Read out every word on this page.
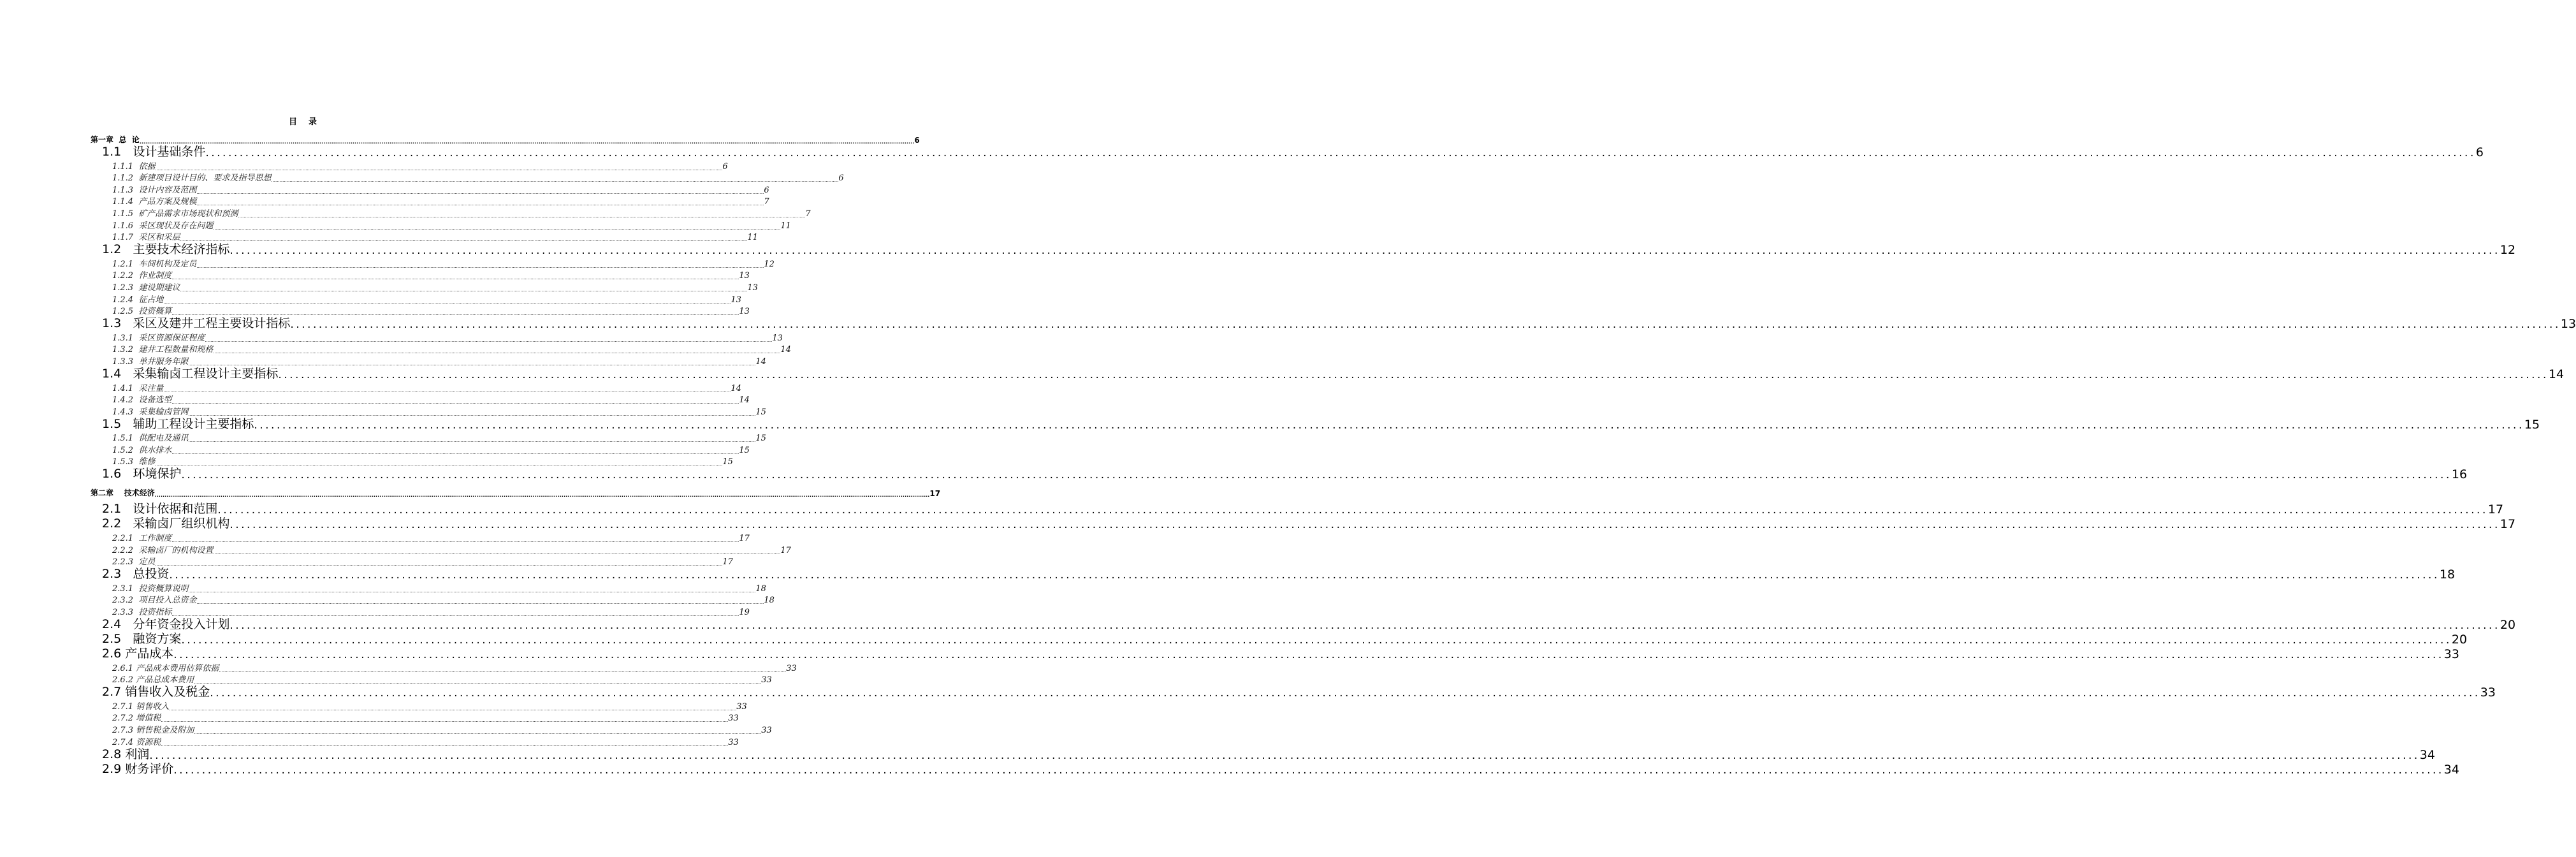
目    录
第一章  总  论 ................................................................................................................................................................................................................................................................................................................................................................................................................ 6
1.1   设计基础条件 ................................................................................................................................................................................................................................................................................................................................................................................................................ 6
1.1.1  依据 ................................................................................................................................................................................................................................................................................................................................................................................................................ 6
1.1.2  新建项目设计目的、要求及指导思想 ................................................................................................................................................................................................................................................................................................................................................................................................................ 6
1.1.3  设计内容及范围 ................................................................................................................................................................................................................................................................................................................................................................................................................ 6
1.1.4  产品方案及规模 ................................................................................................................................................................................................................................................................................................................................................................................................................ 7
1.1.5  矿产品需求市场现状和预测 ................................................................................................................................................................................................................................................................................................................................................................................................................ 7
1.1.6  采区现状及存在问题 ................................................................................................................................................................................................................................................................................................................................................................................................................ 11
1.1.7  采区和采层 ................................................................................................................................................................................................................................................................................................................................................................................................................ 11
1.2   主要技术经济指标 ................................................................................................................................................................................................................................................................................................................................................................................................................ 12
1.2.1  车间机构及定员 ................................................................................................................................................................................................................................................................................................................................................................................................................ 12
1.2.2  作业制度 ................................................................................................................................................................................................................................................................................................................................................................................................................ 13
1.2.3  建设期建议 ................................................................................................................................................................................................................................................................................................................................................................................................................ 13
1.2.4  征占地 ................................................................................................................................................................................................................................................................................................................................................................................................................ 13
1.2.5  投资概算 ................................................................................................................................................................................................................................................................................................................................................................................................................ 13
1.3   采区及建井工程主要设计指标 ................................................................................................................................................................................................................................................................................................................................................................................................................ 13
1.3.1  采区资源保证程度 ................................................................................................................................................................................................................................................................................................................................................................................................................ 13
1.3.2  建井工程数量和规格 ................................................................................................................................................................................................................................................................................................................................................................................................................ 14
1.3.3  单井服务年限 ................................................................................................................................................................................................................................................................................................................................................................................................................ 14
1.4   采集输卤工程设计主要指标 ................................................................................................................................................................................................................................................................................................................................................................................................................ 14
1.4.1  采注量 ................................................................................................................................................................................................................................................................................................................................................................................................................ 14
1.4.2  设备选型 ................................................................................................................................................................................................................................................................................................................................................................................................................ 14
1.4.3  采集输卤管网 ................................................................................................................................................................................................................................................................................................................................................................................................................ 15
1.5   辅助工程设计主要指标 ................................................................................................................................................................................................................................................................................................................................................................................................................ 15
1.5.1  供配电及通讯 ................................................................................................................................................................................................................................................................................................................................................................................................................ 15
1.5.2  供水排水 ................................................................................................................................................................................................................................................................................................................................................................................................................ 15
1.5.3  维修 ................................................................................................................................................................................................................................................................................................................................................................................................................ 15
1.6   环境保护 ................................................................................................................................................................................................................................................................................................................................................................................................................ 16
第二章    技术经济 ................................................................................................................................................................................................................................................................................................................................................................................................................ 17
2.1   设计依据和范围 ................................................................................................................................................................................................................................................................................................................................................................................................................ 17
2.2   采输卤厂组织机构 ................................................................................................................................................................................................................................................................................................................................................................................................................ 17
2.2.1  工作制度 ................................................................................................................................................................................................................................................................................................................................................................................................................ 17
2.2.2  采输卤厂的机构设置 ................................................................................................................................................................................................................................................................................................................................................................................................................ 17
2.2.3  定员 ................................................................................................................................................................................................................................................................................................................................................................................................................ 17
2.3   总投资 ................................................................................................................................................................................................................................................................................................................................................................................................................ 18
2.3.1  投资概算说明 ................................................................................................................................................................................................................................................................................................................................................................................................................ 18
2.3.2  项目投入总资金 ................................................................................................................................................................................................................................................................................................................................................................................................................ 18
2.3.3  投资指标 ................................................................................................................................................................................................................................................................................................................................................................................................................ 19
2.4   分年资金投入计划 ................................................................................................................................................................................................................................................................................................................................................................................................................ 20
2.5   融资方案 ................................................................................................................................................................................................................................................................................................................................................................................................................ 20
2.6 产品成本 ................................................................................................................................................................................................................................................................................................................................................................................................................ 33
2.6.1 产品成本费用估算依据 ................................................................................................................................................................................................................................................................................................................................................................................................................ 33
2.6.2 产品总成本费用 ................................................................................................................................................................................................................................................................................................................................................................................................................ 33
2.7 销售收入及税金 ................................................................................................................................................................................................................................................................................................................................................................................................................ 33
2.7.1 销售收入 ................................................................................................................................................................................................................................................................................................................................................................................................................ 33
2.7.2 增值税 ................................................................................................................................................................................................................................................................................................................................................................................................................ 33
2.7.3 销售税金及附加 ................................................................................................................................................................................................................................................................................................................................................................................................................ 33
2.7.4 资源税 ................................................................................................................................................................................................................................................................................................................................................................................................................ 33
2.8 利润 ................................................................................................................................................................................................................................................................................................................................................................................................................ 34
2.9 财务评价 ................................................................................................................................................................................................................................................................................................................................................................................................................ 34
